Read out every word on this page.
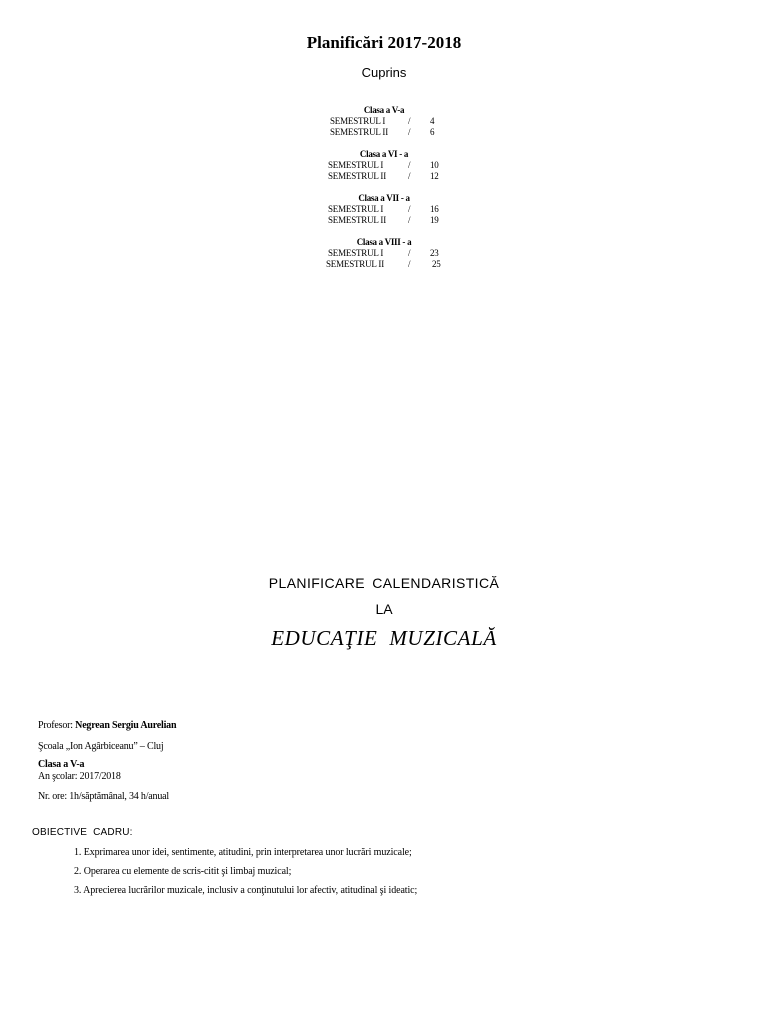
Planificări 2017-2018
Cuprins
Clasa a V-a
SEMESTRUL I	/ 4
SEMESTRUL II / 6
Clasa a VI - a
SEMESTRUL I	/ 10
SEMESTRUL II / 12
Clasa a VII - a
SEMESTRUL I	/ 16
SEMESTRUL II / 19
Clasa a VIII - a
SEMESTRUL I	/ 23
SEMESTRUL II	/ 25
PLANIFICARE CALENDARISTICĂ
LA
EDUCAŢIE MUZICALĂ
Profesor: Negrean Sergiu Aurelian
Şcoala „Ion Agârbiceanu” – Cluj
Clasa a V-a
An şcolar: 2017/2018
Nr. ore: 1h/săptămânal, 34 h/anual
OBIECTIVE CADRU:
1. Exprimarea unor idei, sentimente, atitudini, prin interpretarea unor lucrări muzicale;
2. Operarea cu elemente de scris-citit şi limbaj muzical;
3. Aprecierea lucrărilor muzicale, inclusiv a conţinutului lor afectiv, atitudinal şi ideatic;
